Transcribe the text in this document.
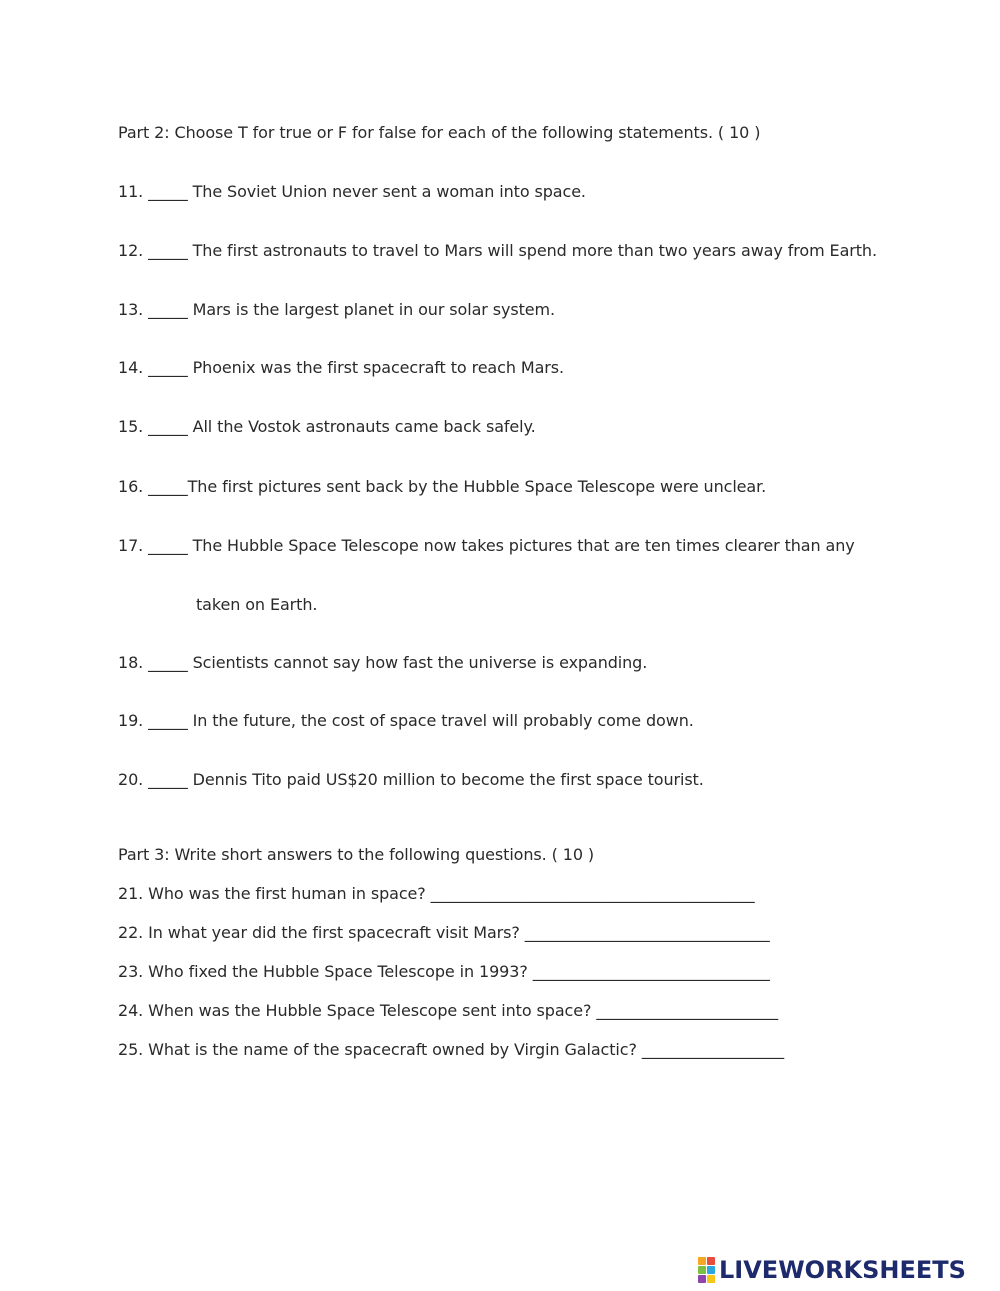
Part 2: Choose T for true or F for false for each of the following statements. ( 10 )
11. _____ The Soviet Union never sent a woman into space.
12. _____ The first astronauts to travel to Mars will spend more than two years away from Earth.
13. _____ Mars is the largest planet in our solar system.
14. _____ Phoenix was the first spacecraft to reach Mars.
15. _____ All the Vostok astronauts came back safely.
16. _____The first pictures sent back by the Hubble Space Telescope were unclear.
17. _____ The Hubble Space Telescope now takes pictures that are ten times clearer than any
taken on Earth.
18. _____ Scientists cannot say how fast the universe is expanding.
19. _____ In the future, the cost of space travel will probably come down.
20. _____ Dennis Tito paid US$20 million to become the first space tourist.
Part 3: Write short answers to the following questions. ( 10 )
21. Who was the first human in space? _________________________________________
22. In what year did the first spacecraft visit Mars? _______________________________
23. Who fixed the Hubble Space Telescope in 1993? ______________________________
24. When was the Hubble Space Telescope sent into space? _______________________
25. What is the name of the spacecraft owned by Virgin Galactic? __________________
LIVEWORKSHEETS
